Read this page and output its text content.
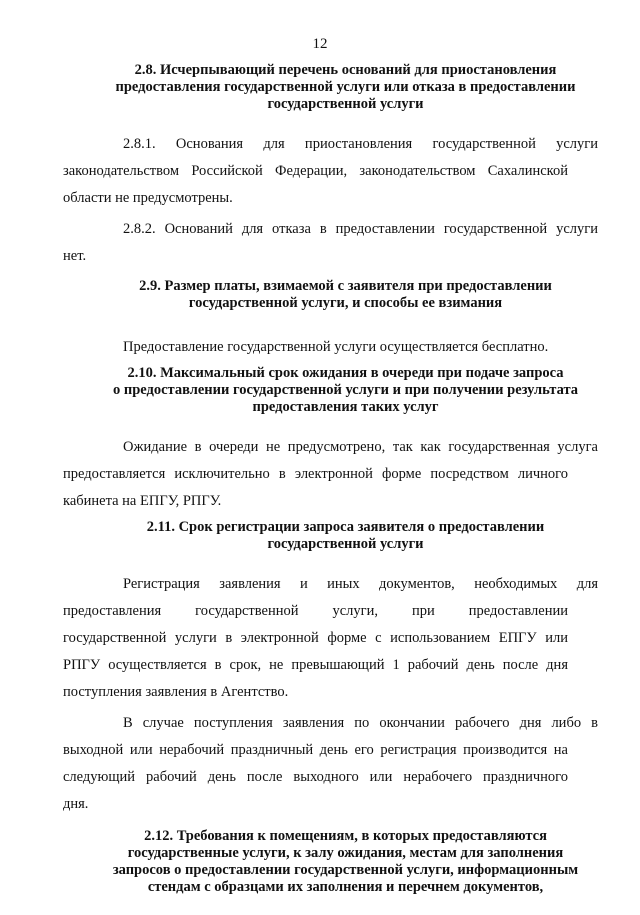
12

2.8. Исчерпывающий перечень оснований для приостановления
предоставления государственной услуги или отказа в предоставлении
государственной услуги

2.8.1. Основания для приостановления государственной услуги
законодательством Российской Федерации, законодательством Сахалинской
области не предусмотрены.

2.8.2. Оснований для отказа в предоставлении государственной услуги
нет.

2.9. Размер платы, взимаемой с заявителя при предоставлении
государственной услуги, и способы ее взимания

Предоставление государственной услуги осуществляется бесплатно.

2.10. Максимальный срок ожидания в очереди при подаче запроса
о предоставлении государственной услуги и при получении результата
предоставления таких услуг

Ожидание в очереди не предусмотрено, так как государственная услуга
предоставляется исключительно в электронной форме посредством личного
кабинета на ЕПГУ, РПГУ.

2.11. Срок регистрации запроса заявителя о предоставлении
государственной услуги

Регистрация заявления и иных документов, необходимых для
предоставления государственной услуги, при предоставлении
государственной услуги в электронной форме с использованием ЕПГУ или
РПГУ осуществляется в срок, не превышающий 1 рабочий день после дня
поступления заявления в Агентство.

В случае поступления заявления по окончании рабочего дня либо в
выходной или нерабочий праздничный день его регистрация производится на
следующий рабочий день после выходного или нерабочего праздничного
дня.

2.12. Требования к помещениям, в которых предоставляются
государственные услуги, к залу ожидания, местам для заполнения
запросов о предоставлении государственной услуги, информационным
стендам с образцами их заполнения и перечнем документов,
